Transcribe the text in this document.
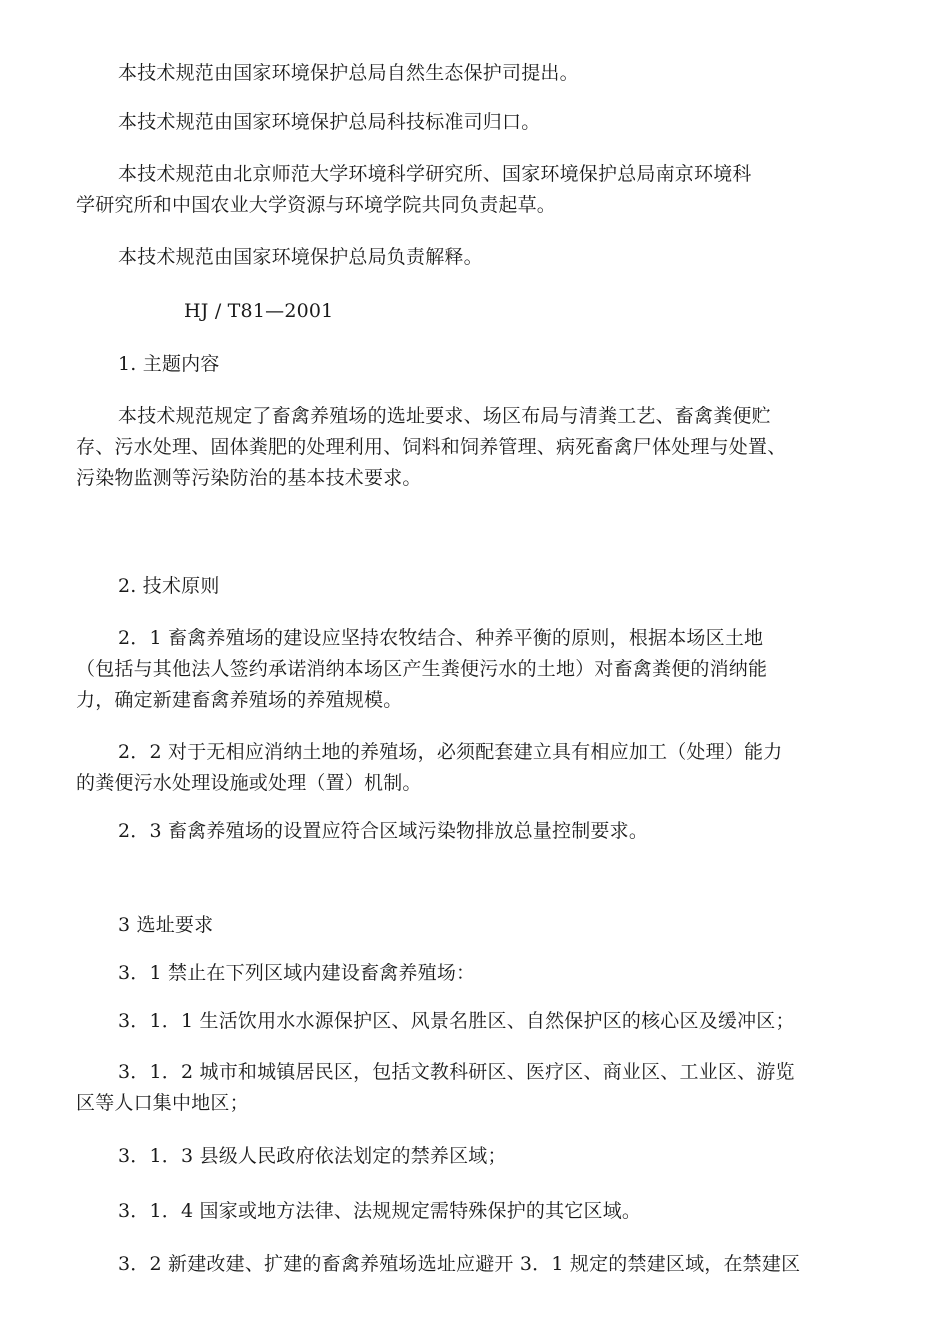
本技术规范由国家环境保护总局自然生态保护司提出。

本技术规范由国家环境保护总局科技标准司归口。

本技术规范由北京师范大学环境科学研究所、国家环境保护总局南京环境科
学研究所和中国农业大学资源与环境学院共同负责起草。

本技术规范由国家环境保护总局负责解释。

HJ / T81—2001

1. 主题内容

本技术规范规定了畜禽养殖场的选址要求、场区布局与清粪工艺、畜禽粪便贮
存、污水处理、固体粪肥的处理利用、饲料和饲养管理、病死畜禽尸体处理与处置、
污染物监测等污染防治的基本技术要求。

2. 技术原则

2．1 畜禽养殖场的建设应坚持农牧结合、种养平衡的原则，根据本场区土地
（包括与其他法人签约承诺消纳本场区产生粪便污水的土地）对畜禽粪便的消纳能
力，确定新建畜禽养殖场的养殖规模。

2．2 对于无相应消纳土地的养殖场，必须配套建立具有相应加工（处理）能力
的粪便污水处理设施或处理（置）机制。

2．3 畜禽养殖场的设置应符合区域污染物排放总量控制要求。

3 选址要求

3．1 禁止在下列区域内建设畜禽养殖场：

3．1．1 生活饮用水水源保护区、风景名胜区、自然保护区的核心区及缓冲区；

3．1．2 城市和城镇居民区，包括文教科研区、医疗区、商业区、工业区、游览
区等人口集中地区；

3．1．3 县级人民政府依法划定的禁养区域；

3．1．4 国家或地方法律、法规规定需特殊保护的其它区域。

3．2 新建改建、扩建的畜禽养殖场选址应避开 3．1 规定的禁建区域，在禁建区
